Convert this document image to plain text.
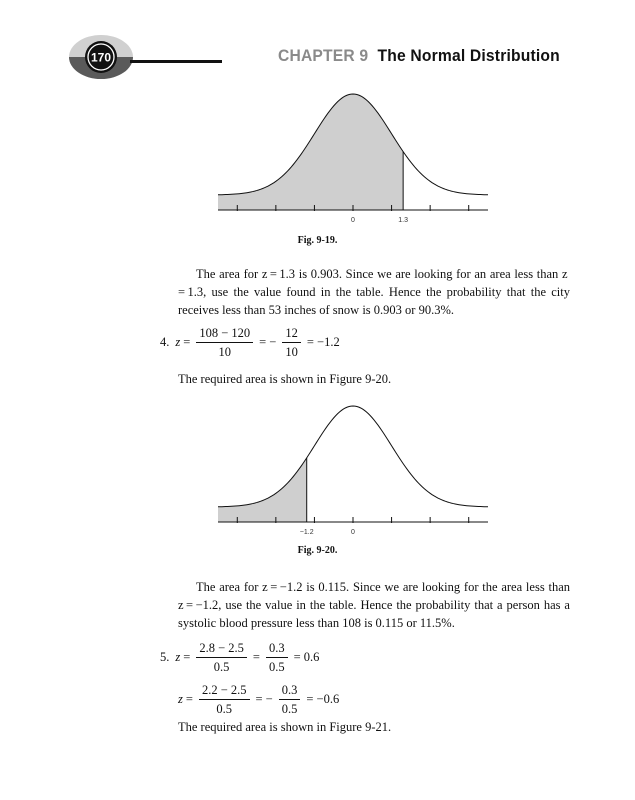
170	CHAPTER 9 The Normal Distribution
0	1.3
Fig. 9-19.

The area for z = 1.3 is 0.903. Since we are looking for an area less than z = 1.3, use the value found in the table. Hence the probability that the city receives less than 53 inches of snow is 0.903 or 90.3%.

4. $z = \frac{108 - 120}{10}$ = − $\frac{12}{10} = -1.2$
The required area is shown in Figure 9-20.
−1.2	0
Fig. 9-20.

The area for z = −1.2 is 0.115. Since we are looking for the area less than z = −1.2, use the value in the table. Hence the probability that a person has a systolic blood pressure less than 108 is 0.115 or 11.5%.

5. $z = \frac{2.8 - 2.5}{0.5} = \frac{0.3}{0.5} = 0.6$
$z = \frac{2.2 - 2.5}{0.5}$ = − $\frac{0.3}{0.5} = -0.6$
The required area is shown in Figure 9-21.
